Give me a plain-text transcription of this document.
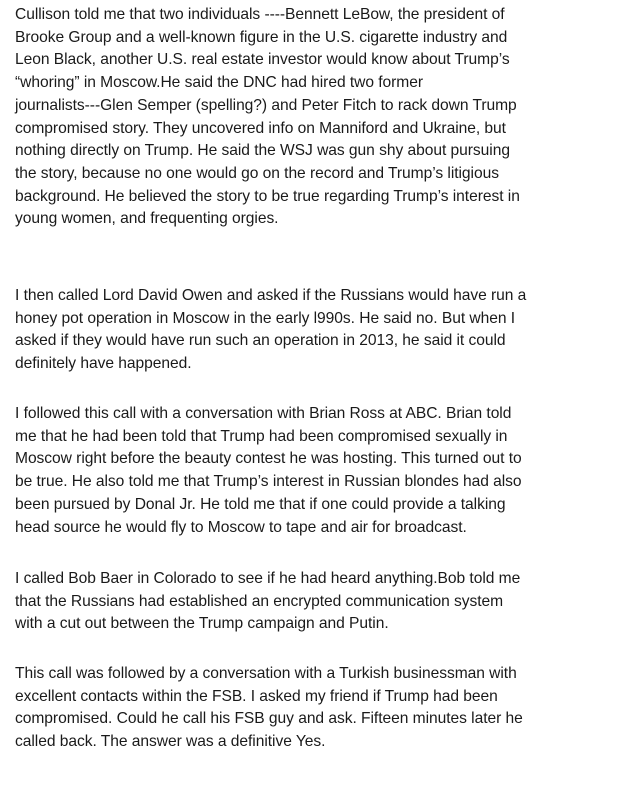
Cullison told me that two individuals ----Bennett LeBow, the president of
Brooke Group and a well-known figure in the U.S. cigarette industry and
Leon Black, another U.S. real estate investor would know about Trump’s
“whoring” in Moscow.He said the DNC had hired two former
journalists---Glen Semper (spelling?) and Peter Fitch to rack down Trump
compromised story. They uncovered info on Manniford and Ukraine, but
nothing directly on Trump. He said the WSJ was gun shy about pursuing
the story, because no one would go on the record and Trump’s litigious
background. He believed the story to be true regarding Trump’s interest in
young women, and frequenting orgies.

I then called Lord David Owen and asked if the Russians would have run a
honey pot operation in Moscow in the early l990s. He said no. But when I
asked if they would have run such an operation in 2013, he said it could
definitely have happened.

I followed this call with a conversation with Brian Ross at ABC. Brian told
me that he had been told that Trump had been compromised sexually in
Moscow right before the beauty contest he was hosting. This turned out to
be true. He also told me that Trump’s interest in Russian blondes had also
been pursued by Donal Jr. He told me that if one could provide a talking
head source he would fly to Moscow to tape and air for broadcast.

I called Bob Baer in Colorado to see if he had heard anything.Bob told me
that the Russians had established an encrypted communication system
with a cut out between the Trump campaign and Putin.

This call was followed by a conversation with a Turkish businessman with
excellent contacts within the FSB. I asked my friend if Trump had been
compromised. Could he call his FSB guy and ask. Fifteen minutes later he
called back. The answer was a definitive Yes.
